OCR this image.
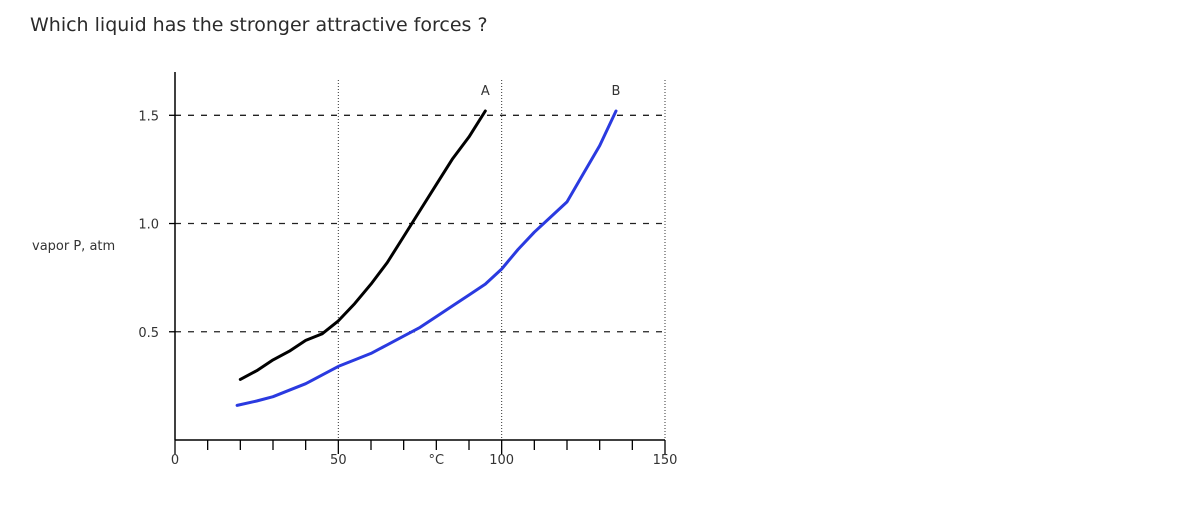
Which liquid has the stronger attractive forces ?
0	50	100	150
0.5
1.0
1.5
°C
vapor P, atm
A	B
